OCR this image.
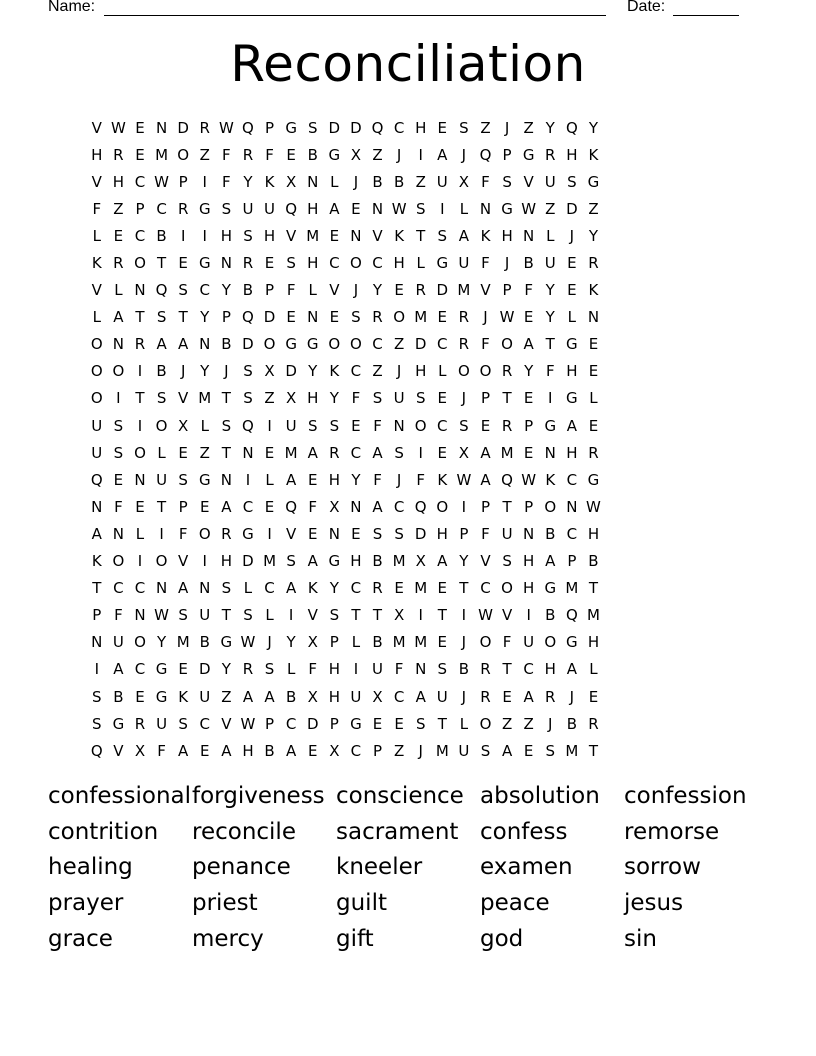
Name:	Date:
Reconciliation
V W E N D R W Q P G S D D Q C H E S Z J Z Y Q Y
H R E M O Z F R F E B G X Z J	I A J Q P G R H K
V H C W P I	F Y K X N L	J B B Z U X F S V U S G
F Z P C R G S U U Q H A E N W S I	L N G W Z D Z
L E C B I	I H S H V M E N V K T S A K H N L	J Y
K R O T E G N R E S H C O C H L G U F	J B U E R
V L N Q S C Y B P F L V J Y E R D M V P F Y E K
L A T S T Y P Q D E N E S R O M E R J W E Y L N
O N R A A N B D O G G O O C Z D C R F O A T G E
O O I B J Y J S X D Y K C Z J H L O O R Y F H E
O I T S V M T S Z X H Y F S U S E J P T E I G L
U S I O X L S Q I U S S E F N O C S E R P G A E
U S O L E Z T N E M A R C A S I E X A M E N H R
Q E N U S G N I	L A E H Y F	J	F K W A Q W K C G
N F E T P E A C E Q F X N A C Q O I P T P O N W
A N L	I	F O R G I V E N E S S D H P F U N B C H
K O I O V I H D M S A G H B M X A Y V S H A P B
T C C N A N S L C A K Y C R E M E T C O H G M T
P F N W S U T S L	I V S T T X I T I W V I B Q M
N U O Y M B G W J Y X P L B M M E J O F U O G H
I A C G E D Y R S L F H I U F N S B R T C H A L
S B E G K U Z A A B X H U X C A U J R E A R J E
S G R U S C V W P C D P G E E S T L O Z Z J B R
Q V X F A E A H B A E X C P Z J M U S A E S M T
confessional forgiveness conscience absolution	confession
contrition	reconcile	sacrament confess	remorse
healing	penance	kneeler	examen	sorrow
prayer	priest	guilt	peace	jesus
grace	mercy	gift	god	sin
